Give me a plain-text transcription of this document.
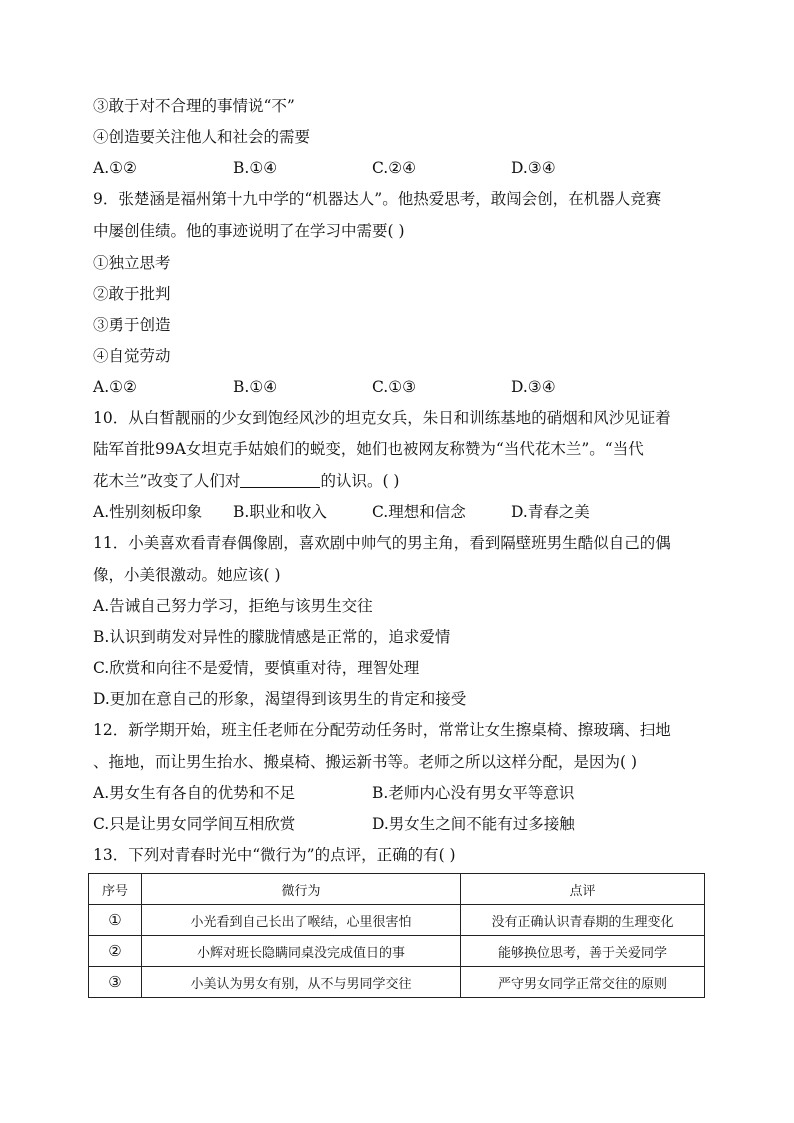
③敢于对不合理的事情说“不”
④创造要关注他人和社会的需要
A.①②	B.①④	C.②④	D.③④
9．张楚涵是福州第十九中学的“机器达人”。他热爱思考，敢闯会创，在机器人竞赛
中屡创佳绩。他的事迹说明了在学习中需要( )
①独立思考
②敢于批判
③勇于创造
④自觉劳动
A.①②	B.①④	C.①③	D.③④
10．从白皙靓丽的少女到饱经风沙的坦克女兵，朱日和训练基地的硝烟和风沙见证着
陆军首批99A女坦克手姑娘们的蜕变，她们也被网友称赞为“当代花木兰”。“当代
花木兰”改变了人们对	的认识。( )
A.性别刻板印象 B.职业和收入	C.理想和信念	D.青春之美
11．小美喜欢看青春偶像剧，喜欢剧中帅气的男主角，看到隔壁班男生酷似自己的偶
像，小美很激动。她应该( )
A.告诫自己努力学习，拒绝与该男生交往
B.认识到萌发对异性的朦胧情感是正常的，追求爱情
C.欣赏和向往不是爱情，要慎重对待，理智处理
D.更加在意自己的形象，渴望得到该男生的肯定和接受
12．新学期开始，班主任老师在分配劳动任务时，常常让女生擦桌椅、擦玻璃、扫地
、拖地，而让男生抬水、搬桌椅、搬运新书等。老师之所以这样分配，是因为( )
A.男女生有各自的优势和不足	B.老师内心没有男女平等意识
C.只是让男女同学间互相欣赏	D.男女生之间不能有过多接触
13．下列对青春时光中“微行为”的点评，正确的有( )
序号	微行为	点评
①	小光看到自己长出了喉结，心里很害怕	没有正确认识青春期的生理变化
②	小辉对班长隐瞒同桌没完成值日的事	能够换位思考，善于关爱同学
③	小美认为男女有别，从不与男同学交往	严守男女同学正常交往的原则
